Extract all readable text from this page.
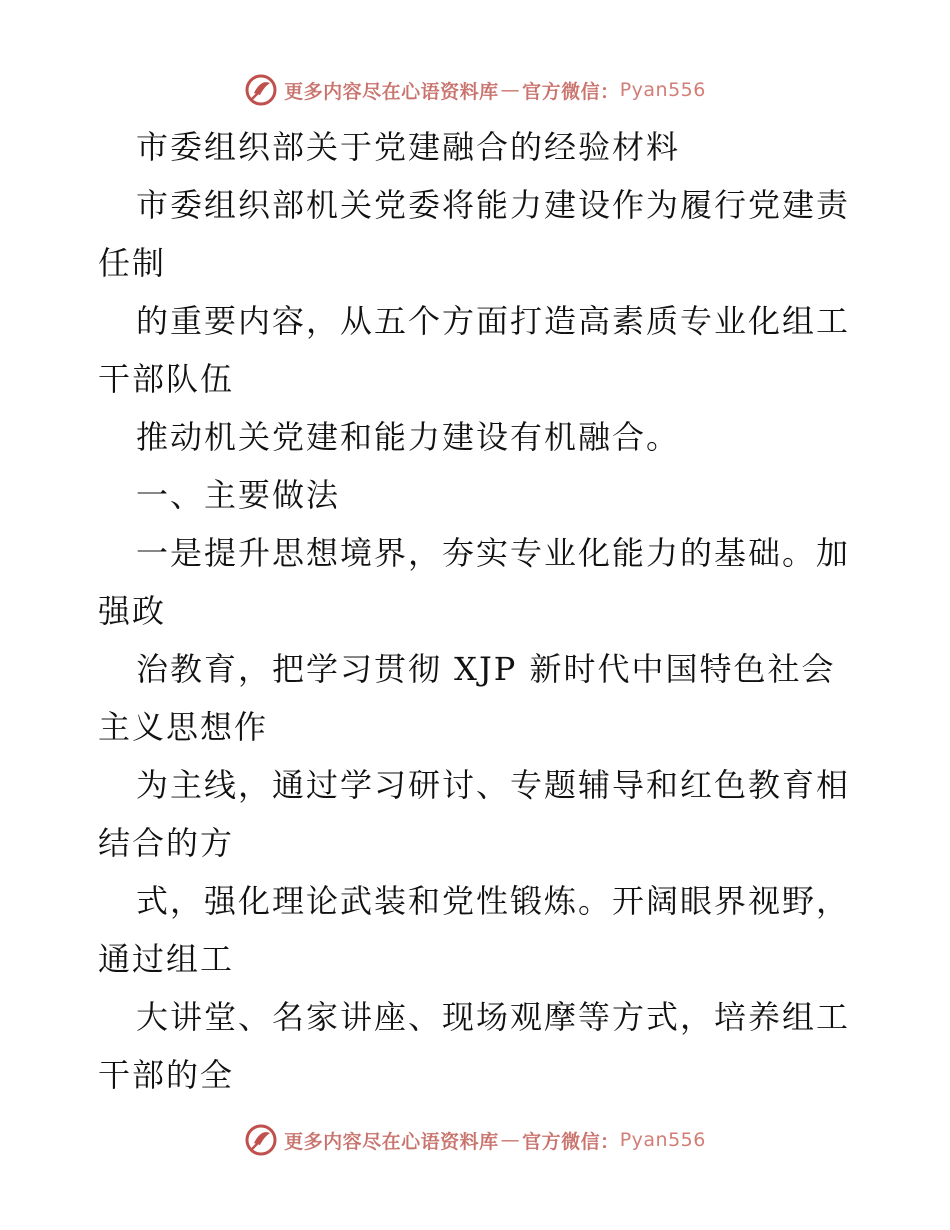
更多内容尽在心语资料库 — 官方微信： Pyan556
市委组织部关于党建融合的经验材料
市委组织部机关党委将能力建设作为履行党建责
任制
的重要内容，从五个方面打造高素质专业化组工
干部队伍
推动机关党建和能力建设有机融合。
一、主要做法
一是提升思想境界，夯实专业化能力的基础。加
强政
治教育，把学习贯彻 XJP 新时代中国特色社会
主义思想作
为主线，通过学习研讨、专题辅导和红色教育相
结合的方
式，强化理论武装和党性锻炼。开阔眼界视野，
通过组工
大讲堂、名家讲座、现场观摩等方式，培养组工
干部的全
更多内容尽在心语资料库 — 官方微信： Pyan556
